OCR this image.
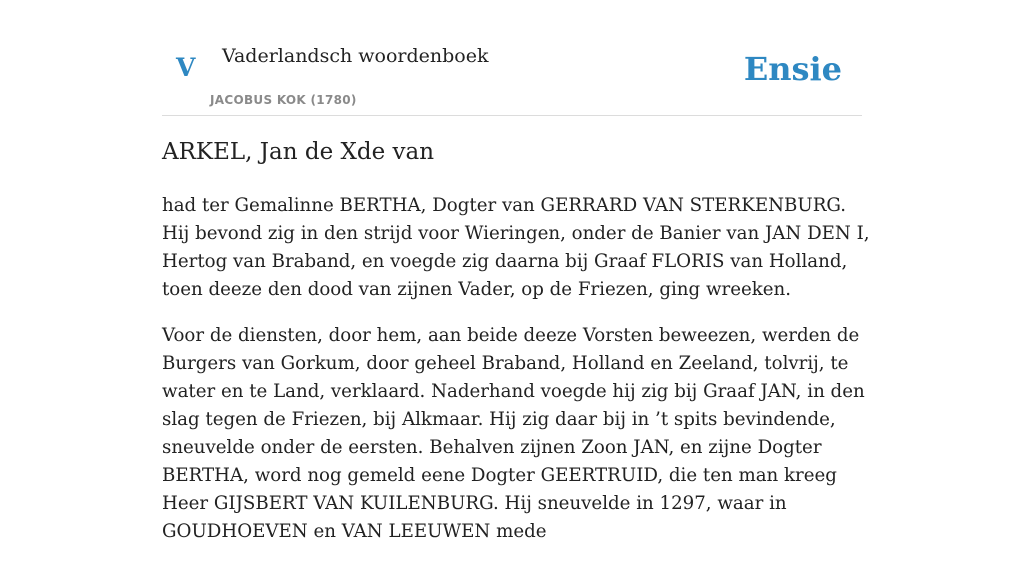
V Vaderlandsch woordenboek
JACOBUS KOK (1780)
Ensie
ARKEL, Jan de Xde van

had ter Gemalinne BERTHA, Dogter van GERRARD VAN STERKENBURG. Hij bevond zig in den strijd voor Wieringen, onder de Banier van JAN DEN I, Hertog van Braband, en voegde zig daarna bij Graaf FLORIS van Holland, toen deeze den dood van zijnen Vader, op de Friezen, ging wreeken.

Voor de diensten, door hem, aan beide deeze Vorsten beweezen, werden de Burgers van Gorkum, door geheel Braband, Holland en Zeeland, tolvrij, te water en te Land, verklaard. Naderhand voegde hij zig bij Graaf JAN, in den slag tegen de Friezen, bij Alkmaar. Hij zig daar bij in ’t spits bevindende, sneuvelde onder de eersten. Behalven zijnen Zoon JAN, en zijne Dogter BERTHA, word nog gemeld eene Dogter GEERTRUID, die ten man kreeg Heer GIJSBERT VAN KUILENBURG. Hij sneuvelde in 1297, waar in GOUDHOEVEN en VAN LEEUWEN mede
